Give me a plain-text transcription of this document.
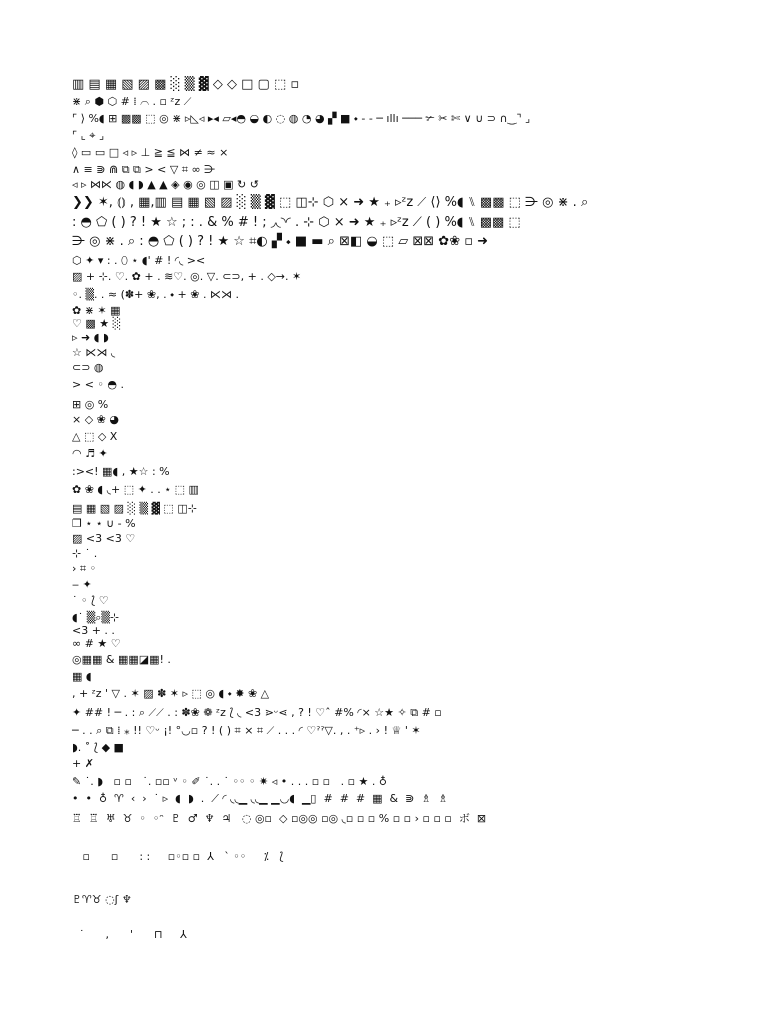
▥ ▤ ▦ ▧ ▨ ▩ ░ ▒ ▓ ◇ ◇ □ ▢ ⬚ ▫
⋇ ⌕ ⬢ ⬡ # ⁞ ⌒ . ▫ ᶻz ⟋
⌜ ⟩ %◖ ⊞ ▩▩ ⬚ ◎ ⋇ ▹◺◃ ▸◂ ▱◂◓ ◒ ◐ ◌ ◍ ◔ ◕ ▞ ■ ⬩ ‑ ‑ ─ ıllı ─── ✃ ✂ ✄ ∨ ∪ ⊃ ∩‿⌝ ⌟
⌜ ⌞ ⌖ ⌟
◊ ▭ ▭ □ ◃ ▹ ⊥ ≧ ≦ ⋈ ≠ ≈ ×
∧ ≡ ⋑ ⋒ ⧉ ⧉ > < ▽ ⌗ ∞ ⋺
◃ ▹ ⋈⋉ ◍ ◖ ◗ ▲ ▲ ◈ ◉ ◎ ◫ ▣ ↻ ↺
❯❯ ✶, ⦅⦆ , ▦,▥ ▤ ▦ ▧ ▨ ░ ▒ ▓ ⬚ ◫⊹ ⬡ × ➜ ★ ₊ ▹ᶻz ⟋ ⟨⟩ %◖ ⑊ ▩▩ ⬚ ⋺ ◎ ⋇ . ⌕
: ◓ ⬠ ( ) ? ! ★ ☆ ; : . & % # ! ; ◞◟◝◜ . ⊹ ⬡ × ➜ ★ ₊ ▹ᶻz ⟋ ( ) %◖ ⑊ ▩▩ ⬚
⋺ ◎ ⋇ . ⌕ : ◓ ⬠ ( ) ? ! ★ ☆ ⌗◐ ▞ ⬩ ■ ▬ ⌕ ⊠◧ ◒ ⬚ ▱ ⊠⊠ ✿❀ ▫ ➜
⬡ ✦ ▾ : . ⬯ ⋆ ◖' # ! ◜◟ ><
▨ + ⊹. ♡. ✿ + . ≋♡. ◎. ▽. ⊂⊃, + . ◇→. ✶
◦. ▒. . ≈ (✽+ ❀, . ⬩ + ❀ . ⋉⋊ .
✿ ⋇ ✶ ▦
♡ ▩ ★ ░
▹ ➜ ◖ ◗
☆ ⋉⋊ ◟
⊂⊃ ◍
> < ◦ ◓ .
⊞ ◎ %
× ◇ ❀ ◕
△ ⬚ ◇ X
◠ ♬ ✦
:><! ▦◖ , ★☆ : %
✿ ❀ ◖ ◟+ ⬚ ✦ . . ⋆ ⬚ ▥
▤ ▦ ▧ ▨ ░ ▒ ▓ ⬚ ◫⊹
❐ ⋆ ⋆ ∪ - %
▨ <3 <3 ♡
⊹ ˙ .
› ⌗ ◦
‒ ✦
˙ ◦ ⟅ ♡
◖˙ ▒⌕▒⊹
<3 + . .
∞ # ★ ♡
◎▦▦ & ▦▦◪▦! .
▦ ◖
, + ᶻz ' ▽ . ✶ ▨ ✽ ✶ ▹ ⬚ ◎ ◖ ⬩ ✸ ❀ △
✦ ## ! ─ . : ⌕ ⟋⟋ . : ✽❀ ❁ ᶻz ⟅ ◟ <3 ⋗ᵕ⋖ , ? ! ♡ˆ #% ◜× ☆★ ✧ ⧉ # ▫
─ . . ⌕ ⧉ ⁞ ⁎ !! ♡ᵕ ¡! °◡▫ ? ! ( ) ⌗ × ⌗ ⟋ . . . ◜ ♡ˀˀ▽. , . ⁺▹ . › ! ♕ ' ✶
◗. ˚ ⟅ ◆ ■
+ ✗
✎ ˙. ◗   ▫ ▫   ˙. ▫▫ ᵛ ◦ ✐ ˙. . ˙ ◦◦ ◦ ✷ ◃ • . . . ▫ ▫   . ▫ ★ . ♁
•  •  ♁  ♈  ‹  ›  ˙ ▹  ◖  ◗  .  ⟋ ◜ ◟◟▁ ◟◟▁ ▁◡◖  ▁▯  #  #  #  ▦  &  ⋑  ♗  ♗
♖  ♖  ♅  ♉  ◦  ◦ᵔ  ♇  ♂  ♆  ♃   ◌ ◎▫  ◇ ▫◎◎ ▫◎ ◟▫ ▫ ▫ % ▫ ▫ › ▫ ▫ ▫  ボ  ⊠
▫      ▫      : :     ▫◦▫ ▫  ⅄   ˋ ◦◦     ⁒   ⟅
♇♈♉ ◌ʃ ♆
˙      ,      '      ⊓     ⅄
